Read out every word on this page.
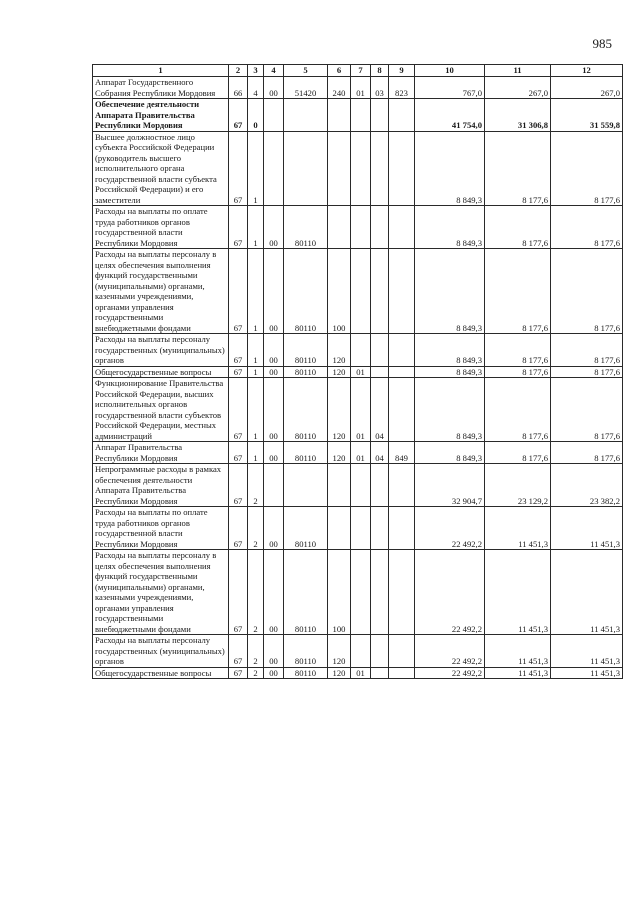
985
1	2	3	4	5	6	7	8	9	10	11	12
Аппарат Государственного Собрания Республики Мордовия	66	4	00	51420	240	01	03	823	767,0	267,0	267,0
Обеспечение деятельности Аппарата Правительства Республики Мордовия	67	0							41 754,0	31 306,8	31 559,8
Высшее должностное лицо субъекта Российской Федерации (руководитель высшего исполнительного органа государственной власти субъекта Российской Федерации) и его заместители	67	1							8 849,3	8 177,6	8 177,6
Расходы на выплаты по оплате труда работников органов государственной власти Республики Мордовия	67	1	00	80110					8 849,3	8 177,6	8 177,6
Расходы на выплаты персоналу в целях обеспечения выполнения функций государственными (муниципальными) органами, казенными учреждениями, органами управления государственными внебюджетными фондами	67	1	00	80110	100				8 849,3	8 177,6	8 177,6
Расходы на выплаты персоналу государственных (муниципальных) органов	67	1	00	80110	120				8 849,3	8 177,6	8 177,6
Общегосударственные вопросы	67	1	00	80110	120	01			8 849,3	8 177,6	8 177,6
Функционирование Правительства Российской Федерации, высших исполнительных органов государственной власти субъектов Российской Федерации, местных администраций	67	1	00	80110	120	01	04		8 849,3	8 177,6	8 177,6
Аппарат Правительства Республики Мордовия	67	1	00	80110	120	01	04	849	8 849,3	8 177,6	8 177,6
Непрограммные расходы в рамках обеспечения деятельности Аппарата Правительства Республики Мордовия	67	2							32 904,7	23 129,2	23 382,2
Расходы на выплаты по оплате труда работников органов государственной власти Республики Мордовия	67	2	00	80110					22 492,2	11 451,3	11 451,3
Расходы на выплаты персоналу в целях обеспечения выполнения функций государственными (муниципальными) органами, казенными учреждениями, органами управления государственными внебюджетными фондами	67	2	00	80110	100				22 492,2	11 451,3	11 451,3
Расходы на выплаты персоналу государственных (муниципальных) органов	67	2	00	80110	120				22 492,2	11 451,3	11 451,3
Общегосударственные вопросы	67	2	00	80110	120	01			22 492,2	11 451,3	11 451,3
